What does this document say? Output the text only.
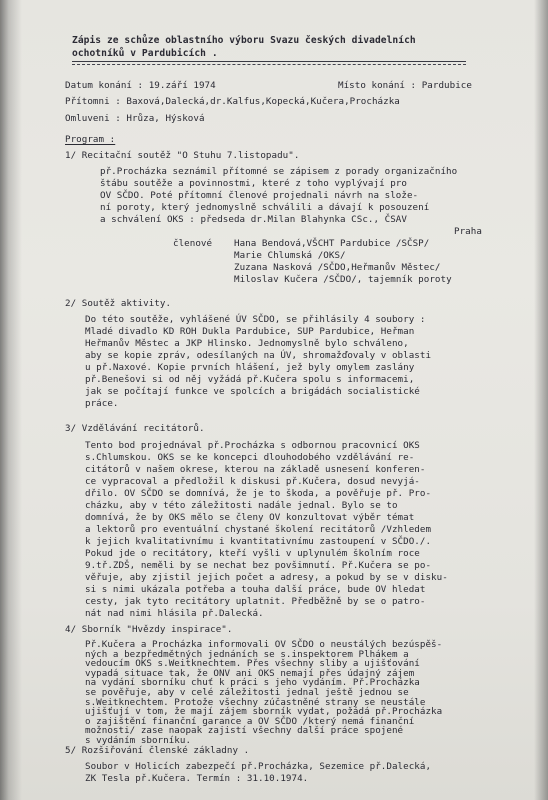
Zápis ze schůze oblastního výboru Svazu českých divadelních
ochotníků v Pardubicích .
Datum konání : 19.září 1974	Místo konání : Pardubice
Přítomni : Baxová,Dalecká,dr.Kalfus,Kopecká,Kučera,Procházka
Omluveni : Hrůza, Hýsková
Program :
1/ Recitační soutěž "O Stuhu 7.listopadu".
př.Procházka seznámil přítomné se zápisem z porady organizačního
štábu soutěže a povinnostmi, které z toho vyplývají pro
OV SČDO. Poté přítomní členové projednali návrh na slože-
ní poroty, který jednomyslně schválili a dávají k posouzení
a schválení OKS : předseda dr.Milan Blahynka CSc., ČSAV
Praha
členové Hana Bendová,VŠCHT Pardubice /SČSP/
Marie Chlumská /OKS/
Zuzana Nasková /SČDO,Heřmanův Městec/
Miloslav Kučera /SČDO/, tajemník poroty
2/ Soutěž aktivity.
Do této soutěže, vyhlášené ÚV SČDO, se přihlásily 4 soubory :
Mladé divadlo KD ROH Dukla Pardubice, SUP Pardubice, Heřman
Heřmanův Městec a JKP Hlinsko. Jednomyslně bylo schváleno,
aby se kopie zpráv, odesílaných na ÚV, shromažďovaly v oblasti
u př.Naxové. Kopie prvních hlášení, jež byly omylem zaslány
př.Benešovi si od něj vyžádá př.Kučera spolu s informacemi,
jak se počítají funkce ve spolcích a brigádách socialistické
práce.
3/ Vzdělávání recitátorů.
Tento bod projednával př.Procházka s odbornou pracovnicí OKS
s.Chlumskou. OKS se ke koncepci dlouhodobého vzdělávání re-
citátorů v našem okrese, kterou na základě usnesení konferen-
ce vypracoval a předložil k diskusi př.Kučera, dosud nevyjá-
dřilo. OV SČDO se domnívá, že je to škoda, a pověřuje př. Pro-
cházku, aby v této záležitosti nadále jednal. Bylo se to
domnívá, že by OKS mělo se členy OV konzultovat výběr témat
a lektorů pro eventuální chystané školení recitátorů /Vzhledem
k jejich kvalitativnímu i kvantitativnímu zastoupení v SČDO./.
Pokud jde o recitátory, kteří vyšli v uplynulém školním roce
9.tř.ZDŠ, neměli by se nechat bez povšimnutí. Př.Kučera se po-
věřuje, aby zjistil jejich počet a adresy, a pokud by se v disku-
si s nimi ukázala potřeba a touha další práce, bude OV hledat
cesty, jak tyto recitátory uplatnit. Předběžně by se o patro-
nát nad nimi hlásila př.Dalecká.
4/ Sborník "Hvězdy inspirace".
Př.Kučera a Procházka informovali OV SČDO o neustálých bezúspěš-
ných a bezpředmětných jednáních se s.inspektorem Plhákem a
vedoucím OKS s.Weitknechtem. Přes všechny sliby a ujišťování
vypadá situace tak, že ONV ani OKS nemají přes údajný zájem
na vydání sborníku chuť k práci s jeho vydáním. Př.Procházka
se pověřuje, aby v celé záležitosti jednal ještě jednou se
s.Weitknechtem. Protože všechny zúčastněné strany se neustále
ujišťují v tom, že mají zájem sborník vydat, požádá př.Procházka
o zajištění finanční garance a OV SČDO /který nemá finanční
možnosti/ zase naopak zajistí všechny další práce spojené
s vydáním sborníku.
5/ Rozšiřování členské základny .
Soubor v Holicích zabezpečí př.Procházka, Sezemice př.Dalecká,
ZK Tesla př.Kučera. Termín : 31.10.1974.
